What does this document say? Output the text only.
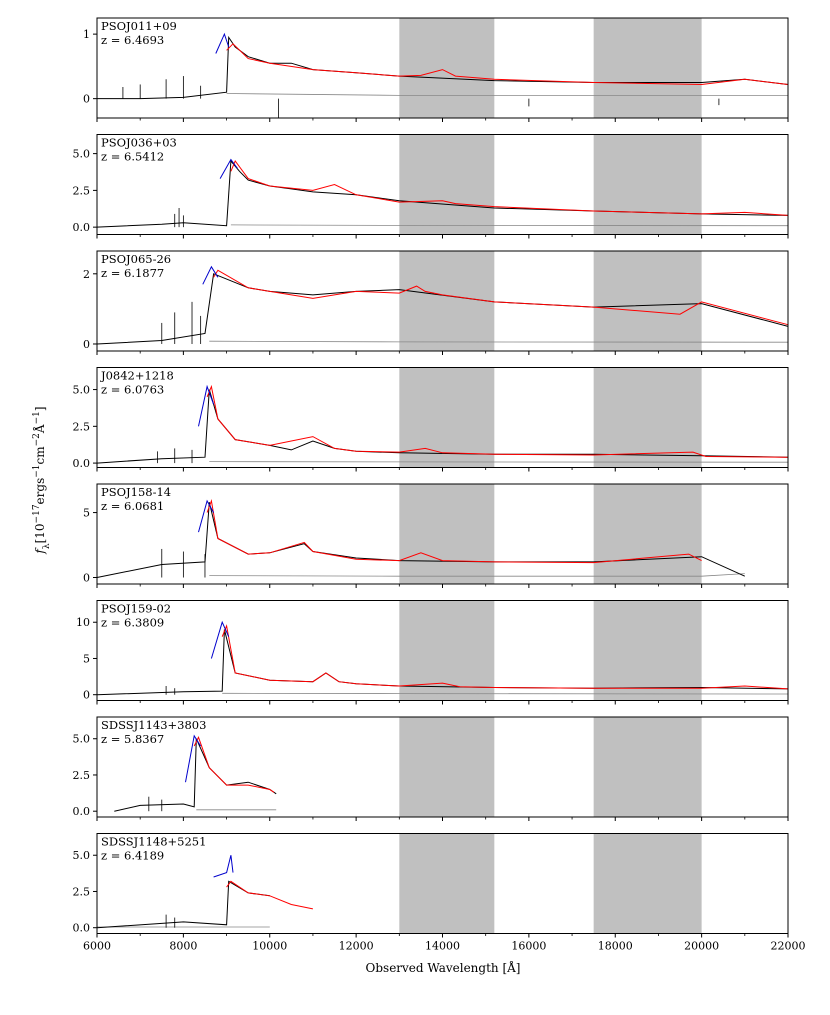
0
1
PSOJ011+09
z = 6.4693
0.0
2.5
5.0
PSOJ036+03
z = 6.5412
0
2
PSOJ065-26
z = 6.1877
0.0
2.5
5.0
J0842+1218
z = 6.0763
0
5
PSOJ158-14
z = 6.0681
0
5
10
PSOJ159-02
z = 6.3809
0.0
2.5
5.0
SDSSJ1143+3803
z = 5.8367
6000	8000	10000	12000	14000	16000	18000	20000	22000
0.0
2.5
5.0
SDSSJ1148+5251
z = 6.4189
Observed Wavelength [Å]
$f_\lambda[10^{-17}ergs^{-1}cm^{-2}Å^{-1}]$
